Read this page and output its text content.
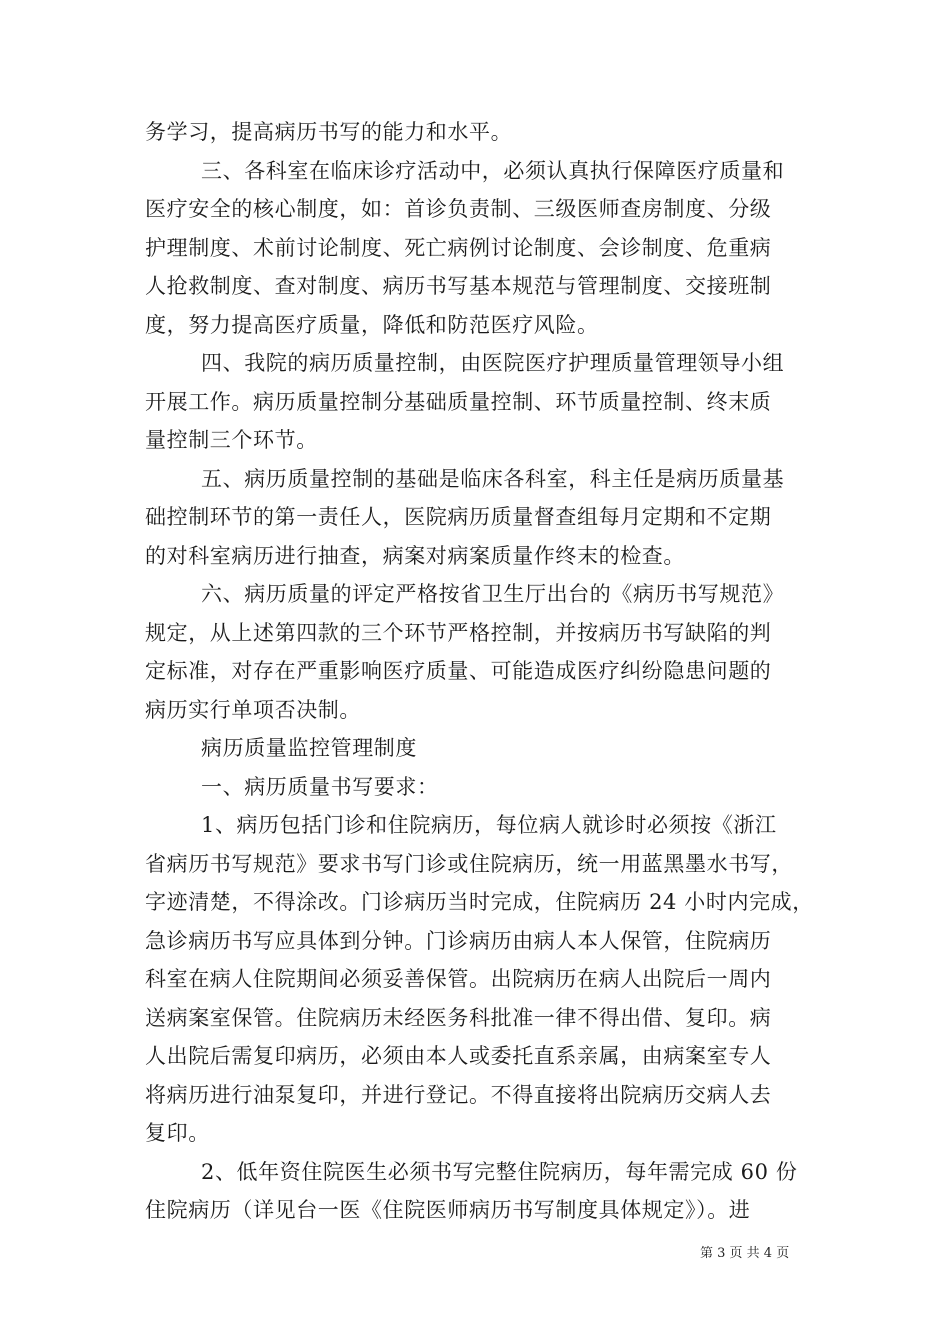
务学习，提高病历书写的能力和水平。
三、各科室在临床诊疗活动中，必须认真执行保障医疗质量和
医疗安全的核心制度，如：首诊负责制、三级医师查房制度、分级
护理制度、术前讨论制度、死亡病例讨论制度、会诊制度、危重病
人抢救制度、查对制度、病历书写基本规范与管理制度、交接班制
度，努力提高医疗质量，降低和防范医疗风险。
四、我院的病历质量控制，由医院医疗护理质量管理领导小组
开展工作。病历质量控制分基础质量控制、环节质量控制、终末质
量控制三个环节。
五、病历质量控制的基础是临床各科室，科主任是病历质量基
础控制环节的第一责任人，医院病历质量督查组每月定期和不定期
的对科室病历进行抽查，病案对病案质量作终末的检查。
六、病历质量的评定严格按省卫生厅出台的《病历书写规范》
规定，从上述第四款的三个环节严格控制，并按病历书写缺陷的判
定标准，对存在严重影响医疗质量、可能造成医疗纠纷隐患问题的
病历实行单项否决制。
病历质量监控管理制度
一、病历质量书写要求：
1、病历包括门诊和住院病历，每位病人就诊时必须按《浙江
省病历书写规范》要求书写门诊或住院病历，统一用蓝黑墨水书写，
字迹清楚，不得涂改。门诊病历当时完成，住院病历 24 小时内完成，
急诊病历书写应具体到分钟。门诊病历由病人本人保管，住院病历
科室在病人住院期间必须妥善保管。出院病历在病人出院后一周内
送病案室保管。住院病历未经医务科批准一律不得出借、复印。病
人出院后需复印病历，必须由本人或委托直系亲属，由病案室专人
将病历进行油泵复印，并进行登记。不得直接将出院病历交病人去
复印。
2、低年资住院医生必须书写完整住院病历，每年需完成 60 份
住院病历（详见台一医《住院医师病历书写制度具体规定》）。进
第 3 页 共 4 页
